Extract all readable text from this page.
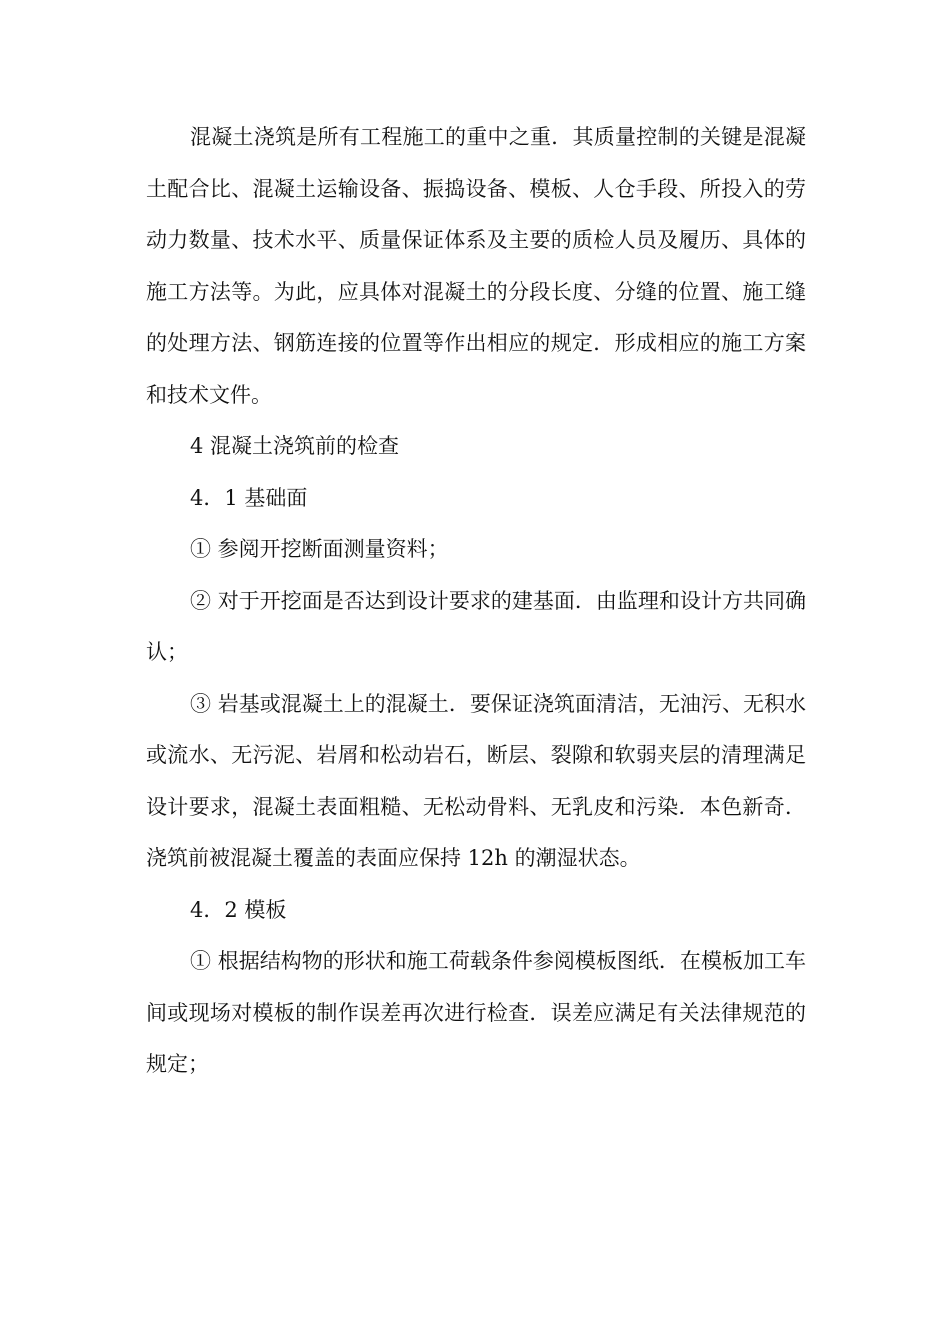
混凝土浇筑是所有工程施工的重中之重．其质量控制的关键是混凝土配合比、混凝土运输设备、振捣设备、模板、人仓手段、所投入的劳动力数量、技术水平、质量保证体系及主要的质检人员及履历、具体的施工方法等。为此，应具体对混凝土的分段长度、分缝的位置、施工缝的处理方法、钢筋连接的位置等作出相应的规定．形成相应的施工方案和技术文件。

4 混凝土浇筑前的检查

4．1 基础面

① 参阅开挖断面测量资料；

② 对于开挖面是否达到设计要求的建基面．由监理和设计方共同确认；

③ 岩基或混凝土上的混凝土．要保证浇筑面清洁，无油污、无积水或流水、无污泥、岩屑和松动岩石，断层、裂隙和软弱夹层的清理满足设计要求，混凝土表面粗糙、无松动骨料、无乳皮和污染．本色新奇．浇筑前被混凝土覆盖的表面应保持 12h 的潮湿状态。

4．2 模板

① 根据结构物的形状和施工荷载条件参阅模板图纸．在模板加工车间或现场对模板的制作误差再次进行检查．误差应满足有关法律规范的规定；
